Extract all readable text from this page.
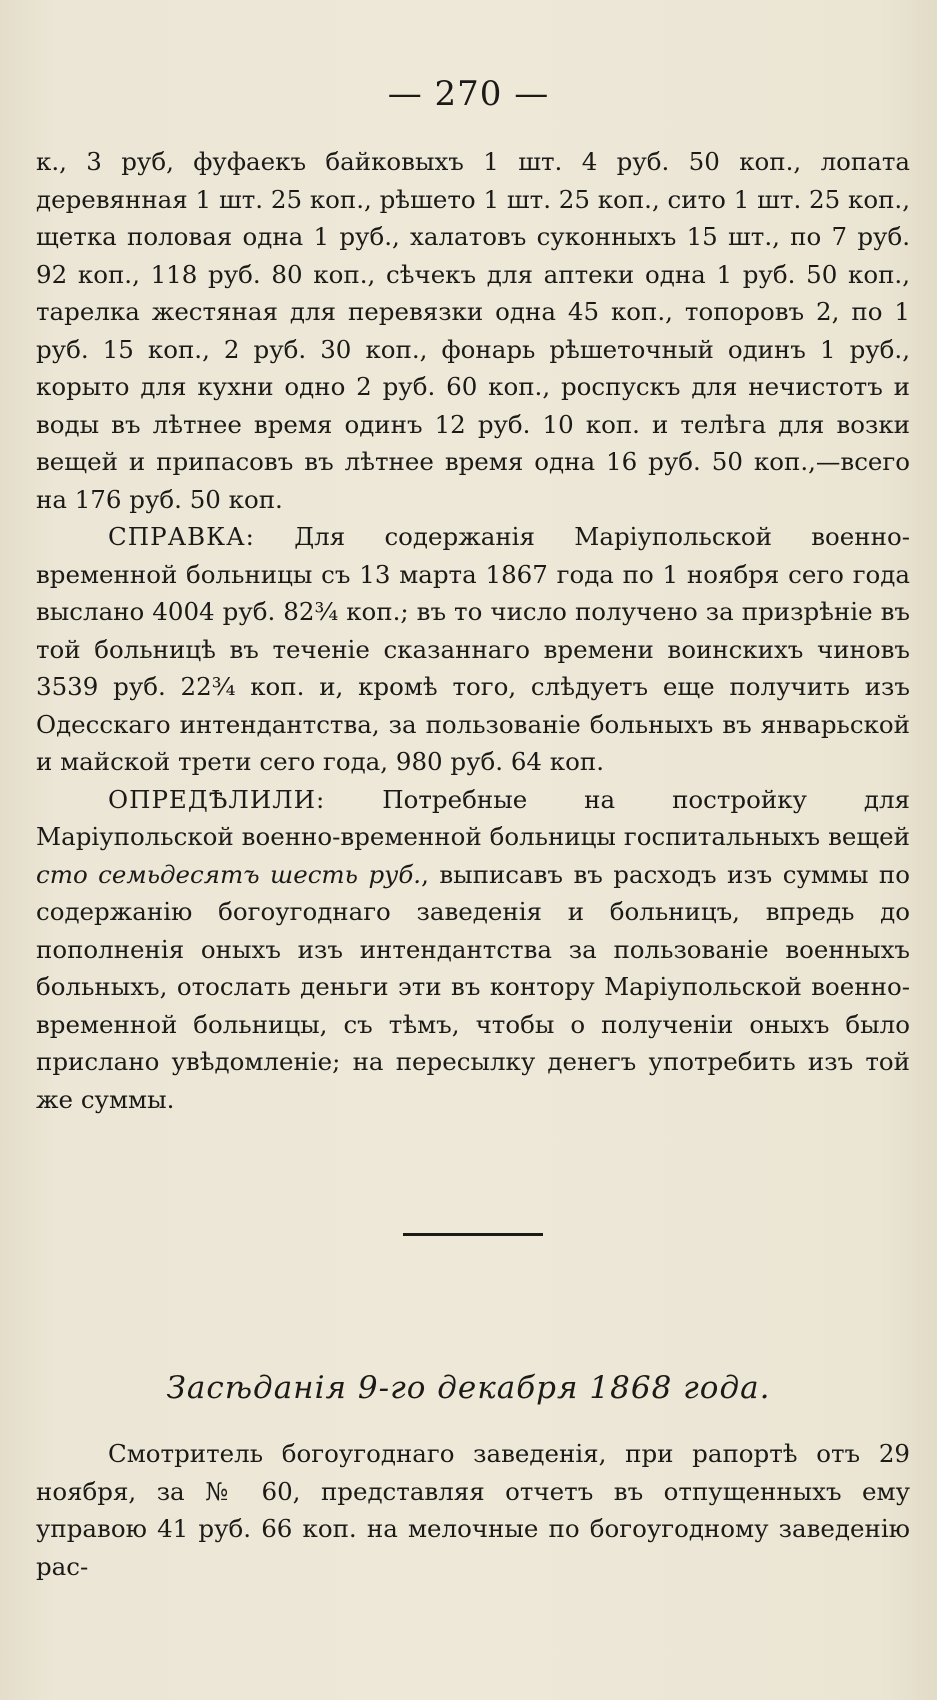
— 270 —

к., 3 руб, фуфаекъ байковыхъ 1 шт. 4 руб. 50 коп., лопата деревянная 1 шт. 25 коп., рѣшето 1 шт. 25 коп., сито 1 шт. 25 коп., щетка половая одна 1 руб., халатовъ суконныхъ 15 шт., по 7 руб. 92 коп., 118 руб. 80 коп., сѣчекъ для аптеки одна 1 руб. 50 коп., тарелка жестяная для перевязки одна 45 коп., топоровъ 2, по 1 руб. 15 коп., 2 руб. 30 коп., фонарь рѣшеточный одинъ 1 руб., корыто для кухни одно 2 руб. 60 коп., роспускъ для нечистотъ и воды въ лѣтнее время одинъ 12 руб. 10 коп. и телѣга для возки вещей и припасовъ въ лѣтнее время одна 16 руб. 50 коп.,—всего на 176 руб. 50 коп.

СПРАВКА: Для содержанія Маріупольской военно-временной больницы съ 13 марта 1867 года по 1 ноября сего года выслано 4004 руб. 82¾ коп.; въ то число получено за призрѣніе въ той больницѣ въ теченіе сказаннаго времени воинскихъ чиновъ 3539 руб. 22¾ коп. и, кромѣ того, слѣдуетъ еще получить изъ Одесскаго интендантства, за пользованіе больныхъ въ январьской и майской трети сего года, 980 руб. 64 коп.

ОПРЕДѢЛИЛИ: Потребные на постройку для Маріупольской военно-временной больницы госпитальныхъ вещей сто семьдесятъ шесть руб., выписавъ въ расходъ изъ суммы по содержанію богоугоднаго заведенія и больницъ, впредь до пополненія оныхъ изъ интендантства за пользованіе военныхъ больныхъ, отослать деньги эти въ контору Маріупольской военно-временной больницы, съ тѣмъ, чтобы о полученіи оныхъ было прислано увѣдомленіе; на пересылку денегъ употребить изъ той же суммы.

Засѣданія 9-го декабря 1868 года.

Смотритель богоугоднаго заведенія, при рапортѣ отъ 29 ноября, за № 60, представляя отчетъ въ отпущенныхъ ему управою 41 руб. 66 коп. на мелочные по богоугодному заведенію рас-
